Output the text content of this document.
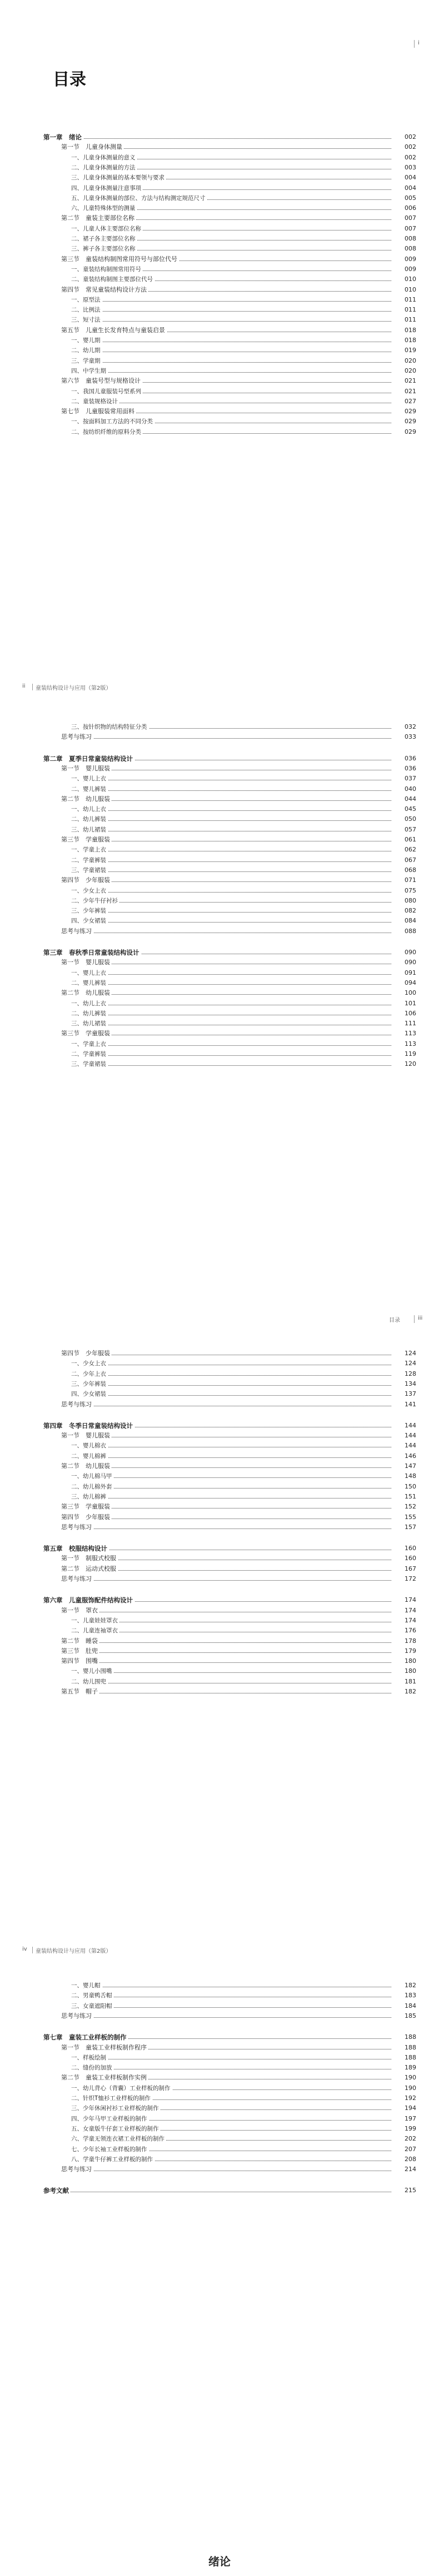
i
目录
第一章　绪论	002
第一节　儿童身体测量	002
一、儿童身体测量的意义	002
二、儿童身体测量的方法	003
三、儿童身体测量的基本要领与要求	004
四、儿童身体测量注意事项	004
五、儿童身体测量的部位、方法与结构测定规范尺寸	005
六、儿童特殊体型的测量	006
第二节　童装主要部位名称	007
一、儿童人体主要部位名称	007
二、裙子各主要部位名称	008
三、裤子各主要部位名称	008
第三节　童装结构制图常用符号与部位代号	009
一、童装结构制图常用符号	009
二、童装结构制图主要部位代号	010
第四节　常见童装结构设计方法	010
一、原型法	011
二、比例法	011
三、短寸法	011
第五节　儿童生长发育特点与童装启景	018
一、婴儿期	018
二、幼儿期	019
三、学童期	020
四、中学生期	020
第六节　童装号型与规格设计	021
一、我国儿童服装号型系列	021
二、童装规格设计	027
第七节　儿童服装常用面料	029
一、按面料加工方法的不同分类	029
二、按纺织纤维的原料分类	029
ii 童装结构设计与应用（第2版）
三、按针织物的结构特征分类	032
思考与练习	033
第二章　夏季日常童装结构设计	036
第一节　婴儿服装	036
一、婴儿上衣	037
二、婴儿裤装	040
第二节　幼儿服装	044
一、幼儿上衣	045
二、幼儿裤装	050
三、幼儿裙装	057
第三节　学童服装	061
一、学童上衣	062
二、学童裤装	067
三、学童裙装	068
第四节　少年服装	071
一、少女上衣	075
二、少年牛仔衬衫	080
三、少年裤装	082
四、少女裙装	084
思考与练习	088
第三章　春秋季日常童装结构设计	090
第一节　婴儿服装	090
一、婴儿上衣	091
二、婴儿裤装	094
第二节　幼儿服装	100
一、幼儿上衣	101
二、幼儿裤装	106
三、幼儿裙装	111
第三节　学童服装	113
一、学童上衣	113
二、学童裤装	119
三、学童裙装	120
目录	iii
第四节　少年服装	124
一、少女上衣	124
二、少年上衣	128
三、少年裤装	134
四、少女裙装	137
思考与练习	141
第四章　冬季日常童装结构设计	144
第一节　婴儿服装	144
一、婴儿棉衣	144
二、婴儿棉裤	146
第二节　幼儿服装	147
一、幼儿棉马甲	148
二、幼儿棉外套	150
三、幼儿棉裤	151
第三节　学童服装	152
第四节　少年服装	155
思考与练习	157
第五章　校服结构设计	160
第一节　制服式校服	160
第二节　运动式校服	167
思考与练习	172
第六章　儿童服饰配件结构设计	174
第一节　罩衣	174
一、儿童娃娃罩衣	174
二、儿童连袖罩衣	176
第二节　睡袋	178
第三节　肚兜	179
第四节　围嘴	180
一、婴儿小围嘴	180
二、幼儿围兜	181
第五节　帽子	182
iv 童装结构设计与应用（第2版）
一、婴儿帽	182
二、男童鸭舌帽	183
三、女童遮阳帽	184
思考与练习	185
第七章　童装工业样板的制作	188
第一节　童装工业样板制作程序	188
一、样板绘制	188
二、缝份的加放	189
第二节　童装工业样板制作实例	190
一、幼儿背心（背囊）工业样板的制作	190
二、针织T恤衫工业样板的制作	192
三、少年休闲衬衫工业样板的制作	194
四、少年马甲工业样板的制作	197
五、女童版牛仔套工业样板的制作	199
六、学童无领连衣裙工业样板的制作	202
七、少年长袖工业样板的制作	207
八、学童牛仔裤工业样板的制作	208
思考与练习	214
参考文献	215
绪论
